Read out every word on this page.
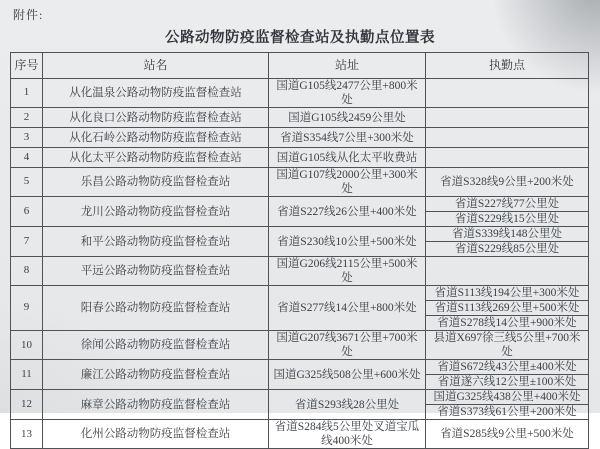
附件:
公路动物防疫监督检查站及执勤点位置表
序号	站名	站址	执勤点
1	从化温泉公路动物防疫监督检查站	国道G105线2477公里+800米处	
2	从化良口公路动物防疫监督检查站	国道G105线2459公里处	
3	从化石岭公路动物防疫监督检查站	省道S354线7公里+300米处	
4	从化太平公路动物防疫监督检查站	国道G105线从化太平收费站	
5	乐昌公路动物防疫监督检查站	国道G107线2000公里+300米处	省道S328线9公里+200米处
6	龙川公路动物防疫监督检查站	省道S227线26公里+400米处	省道S227线77公里处
			省道S229线15公里处
7	和平公路动物防疫监督检查站	省道S230线10公里+500米处	省道S339线148公里处
			省道S229线85公里处
8	平远公路动物防疫监督检查站	国道G206线2115公里+500米处	
9	阳春公路动物防疫监督检查站	省道S277线14公里+800米处	省道S113线194公里+300米处
			省道S113线269公里+500米处
			省道S278线14公里+900米处
10	徐闻公路动物防疫监督检查站	国道G207线3671公里+700米处	县道X697徐三线5公里+700米处
11	廉江公路动物防疫监督检查站	国道G325线508公里+600米处	省道S672线43公里±400米处
			省道遂六线12公里±100米处
12	麻章公路动物防疫监督检查站	省道S293线28公里处	国道G325线438公里+400米处
			省道S373线61公里+200米处
13	化州公路动物防疫监督检查站	省道S284线5公里处叉道宝瓜线400米处	省道S285线9公里+500米处
